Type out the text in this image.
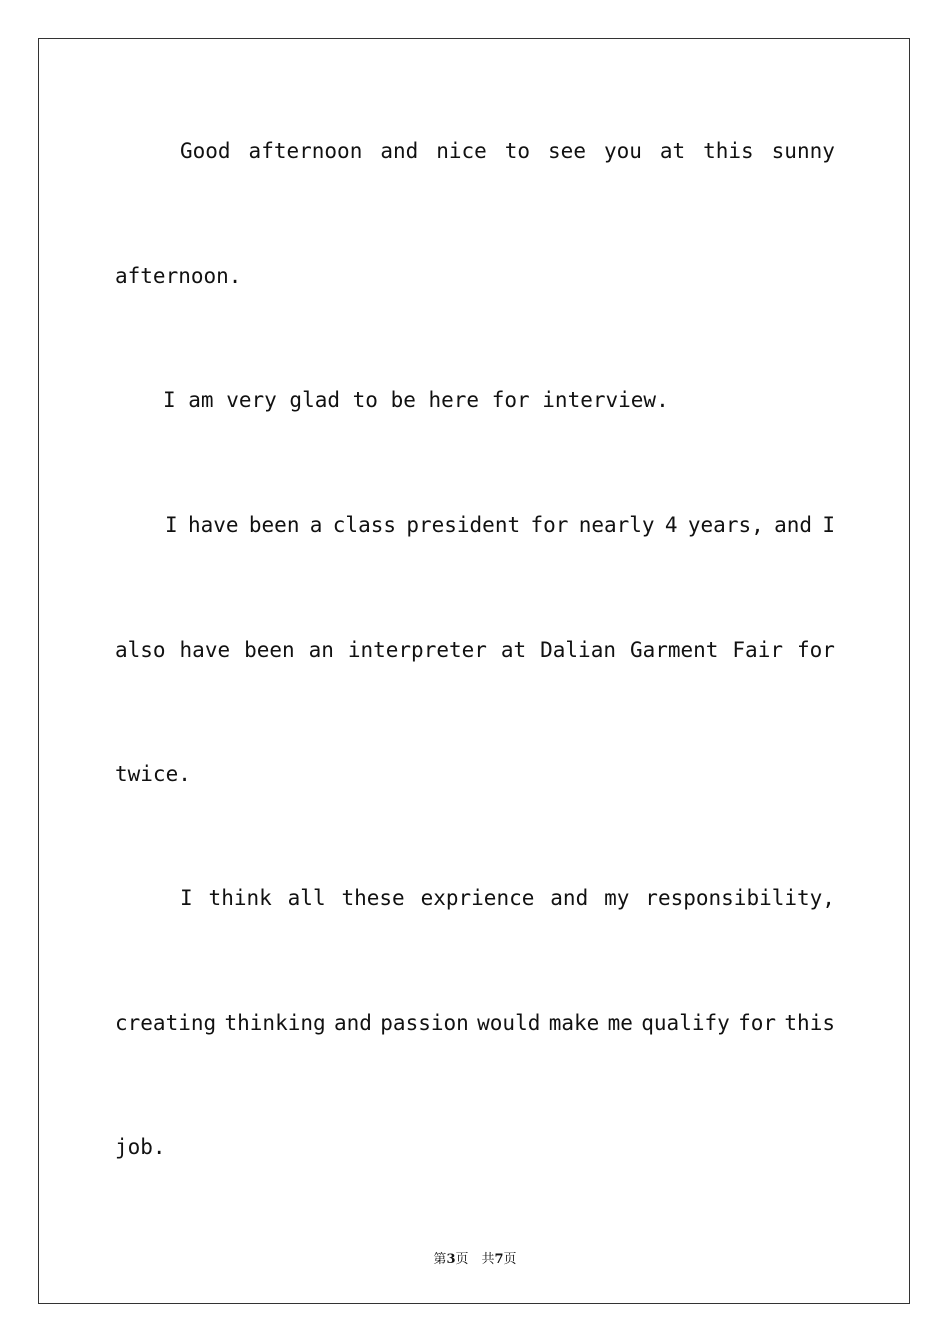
Good afternoon and nice to see you at this sunny
afternoon.
I am very glad to be here for interview.
I have been a class president for nearly 4 years, and I
also have been an interpreter at Dalian Garment Fair for
twice.
I think all these exprience and my responsibility,
creating thinking and passion would make me qualify for this
job.
第3页　共7页
